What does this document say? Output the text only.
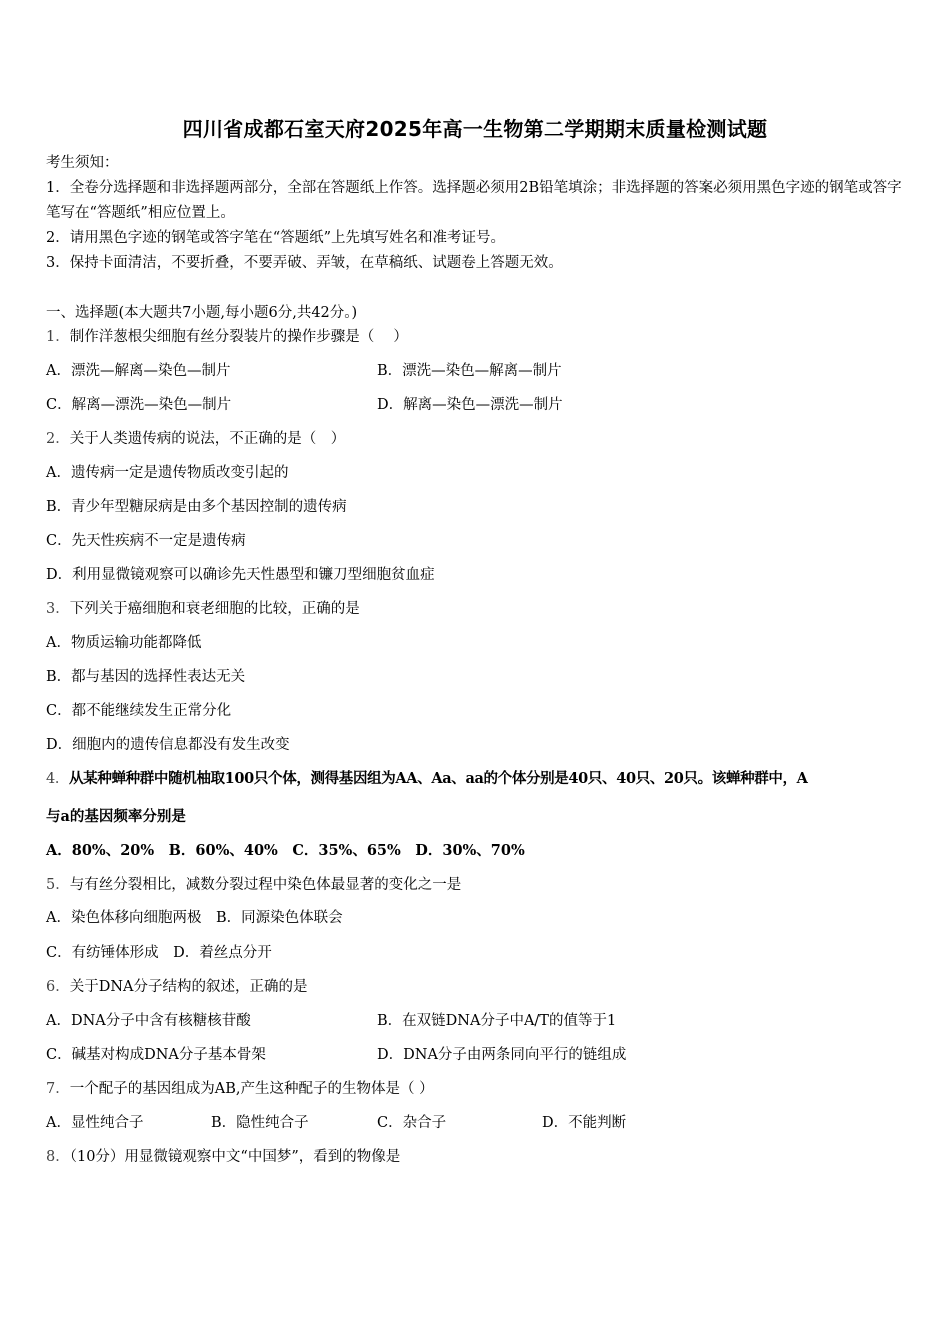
四川省成都石室天府2025年高一生物第二学期期末质量检测试题
考生须知：
1．全卷分选择题和非选择题两部分，全部在答题纸上作答。选择题必须用2B铅笔填涂；非选择题的答案必须用黑色字迹的钢笔或答字笔写在“答题纸”相应位置上。
2．请用黑色字迹的钢笔或答字笔在“答题纸”上先填写姓名和准考证号。
3．保持卡面清洁，不要折叠，不要弄破、弄皱，在草稿纸、试题卷上答题无效。
一、选择题(本大题共7小题,每小题6分,共42分。)
1．制作洋葱根尖细胞有丝分裂装片的操作步骤是（　 ）
A．漂洗—解离—染色—制片	B．漂洗—染色—解离—制片
C．解离—漂洗—染色—制片	D．解离—染色—漂洗—制片
2．关于人类遗传病的说法，不正确的是（　）
A．遗传病一定是遗传物质改变引起的
B．青少年型糖尿病是由多个基因控制的遗传病
C．先天性疾病不一定是遗传病
D．利用显微镜观察可以确诊先天性愚型和镰刀型细胞贫血症
3．下列关于癌细胞和衰老细胞的比较，正确的是
A．物质运输功能都降低
B．都与基因的选择性表达无关
C．都不能继续发生正常分化
D．细胞内的遗传信息都没有发生改变
4．从某种蝉种群中随机柚取100只个体，测得基因组为AA、Aa、aa的个体分别是40只、40只、20只。该蝉种群中，A
与a的基因频率分别是
A．80%、20%　B．60%、40%　C．35%、65%　D．30%、70%
5．与有丝分裂相比，减数分裂过程中染色体最显著的变化之一是
A．染色体移向细胞两极　B．同源染色体联会
C．有纺锤体形成　D．着丝点分开
6．关于DNA分子结构的叙述，正确的是
A．DNA分子中含有核糖核苷酸	B．在双链DNA分子中A/T的值等于1
C．碱基对构成DNA分子基本骨架	D．DNA分子由两条同向平行的链组成
7．一个配子的基因组成为AB,产生这种配子的生物体是（ ）
A．显性纯合子	B．隐性纯合子	C．杂合子	D．不能判断
8．（10分）用显微镜观察中文“中国梦”，看到的物像是
